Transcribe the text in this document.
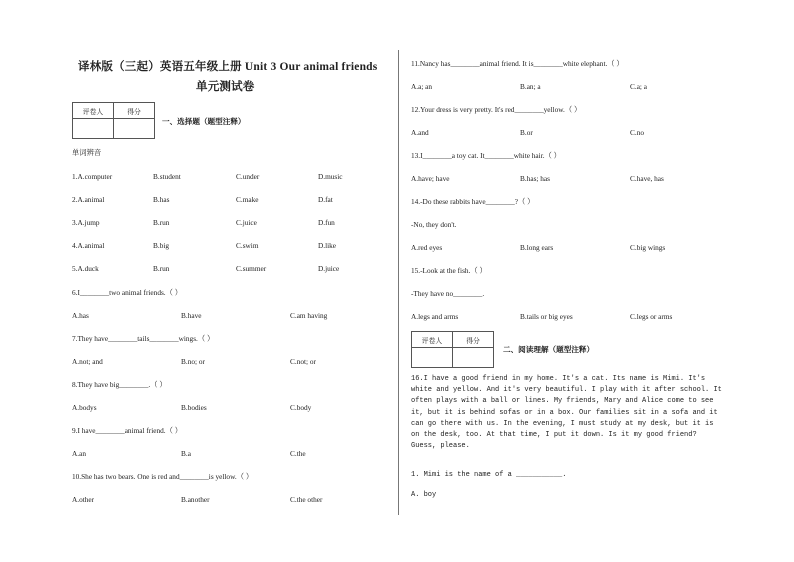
译林版（三起）英语五年级上册 Unit 3 Our animal friends
单元测试卷
评卷人	得分

一、选择题（题型注释）
单词辨音
1.A.computer	B.student	C.under	D.music
2.A.animal	B.has	C.make	D.fat
3.A.jump	B.run	C.juice	D.fun
4.A.animal	B.big	C.swim	D.like
5.A.duck	B.run	C.summer	D.juice
6.I________two animal friends.（ ）
A.has	B.have	C.am having
7.They have________tails________wings.（ ）
A.not; and	B.no; or	C.not; or
8.They have big________.（ ）
A.bodys	B.bodies	C.body
9.I have________animal friend.（ ）
A.an	B.a	C.the
10.She has two bears. One is red and________is yellow.（ ）
A.other	B.another	C.the other
11.Nancy has________animal friend. It is________white elephant.（ ）
A.a; an	B.an; a	C.a; a
12.Your dress is very pretty. It's red________yellow.（ ）
A.and	B.or	C.no
13.I________a toy cat. It________white hair.（ ）
A.have; have	B.has; has	C.have, has
14.-Do these rabbits have________?（ ）
-No, they don't.
A.red eyes	B.long ears	C.big wings
15.-Look at the fish.（ ）
-They have no________.
A.legs and arms	B.tails or big eyes	C.legs or arms
评卷人	得分

二、阅读理解（题型注释）
16.I have a good friend in my home. It's a cat. Its name is Mimi. It's white and yellow. And it's very beautiful. I play with it after school. It often plays with a ball or lines. My friends, Mary and Alice come to see it, but it is behind sofas or in a box. Our families sit in a sofa and it can go there with us. In the evening, I must study at my desk, but it is on the desk, too. At that time, I put it down. Is it my good friend? Guess, please.
1. Mimi is the name of a ___________.
A. boy
